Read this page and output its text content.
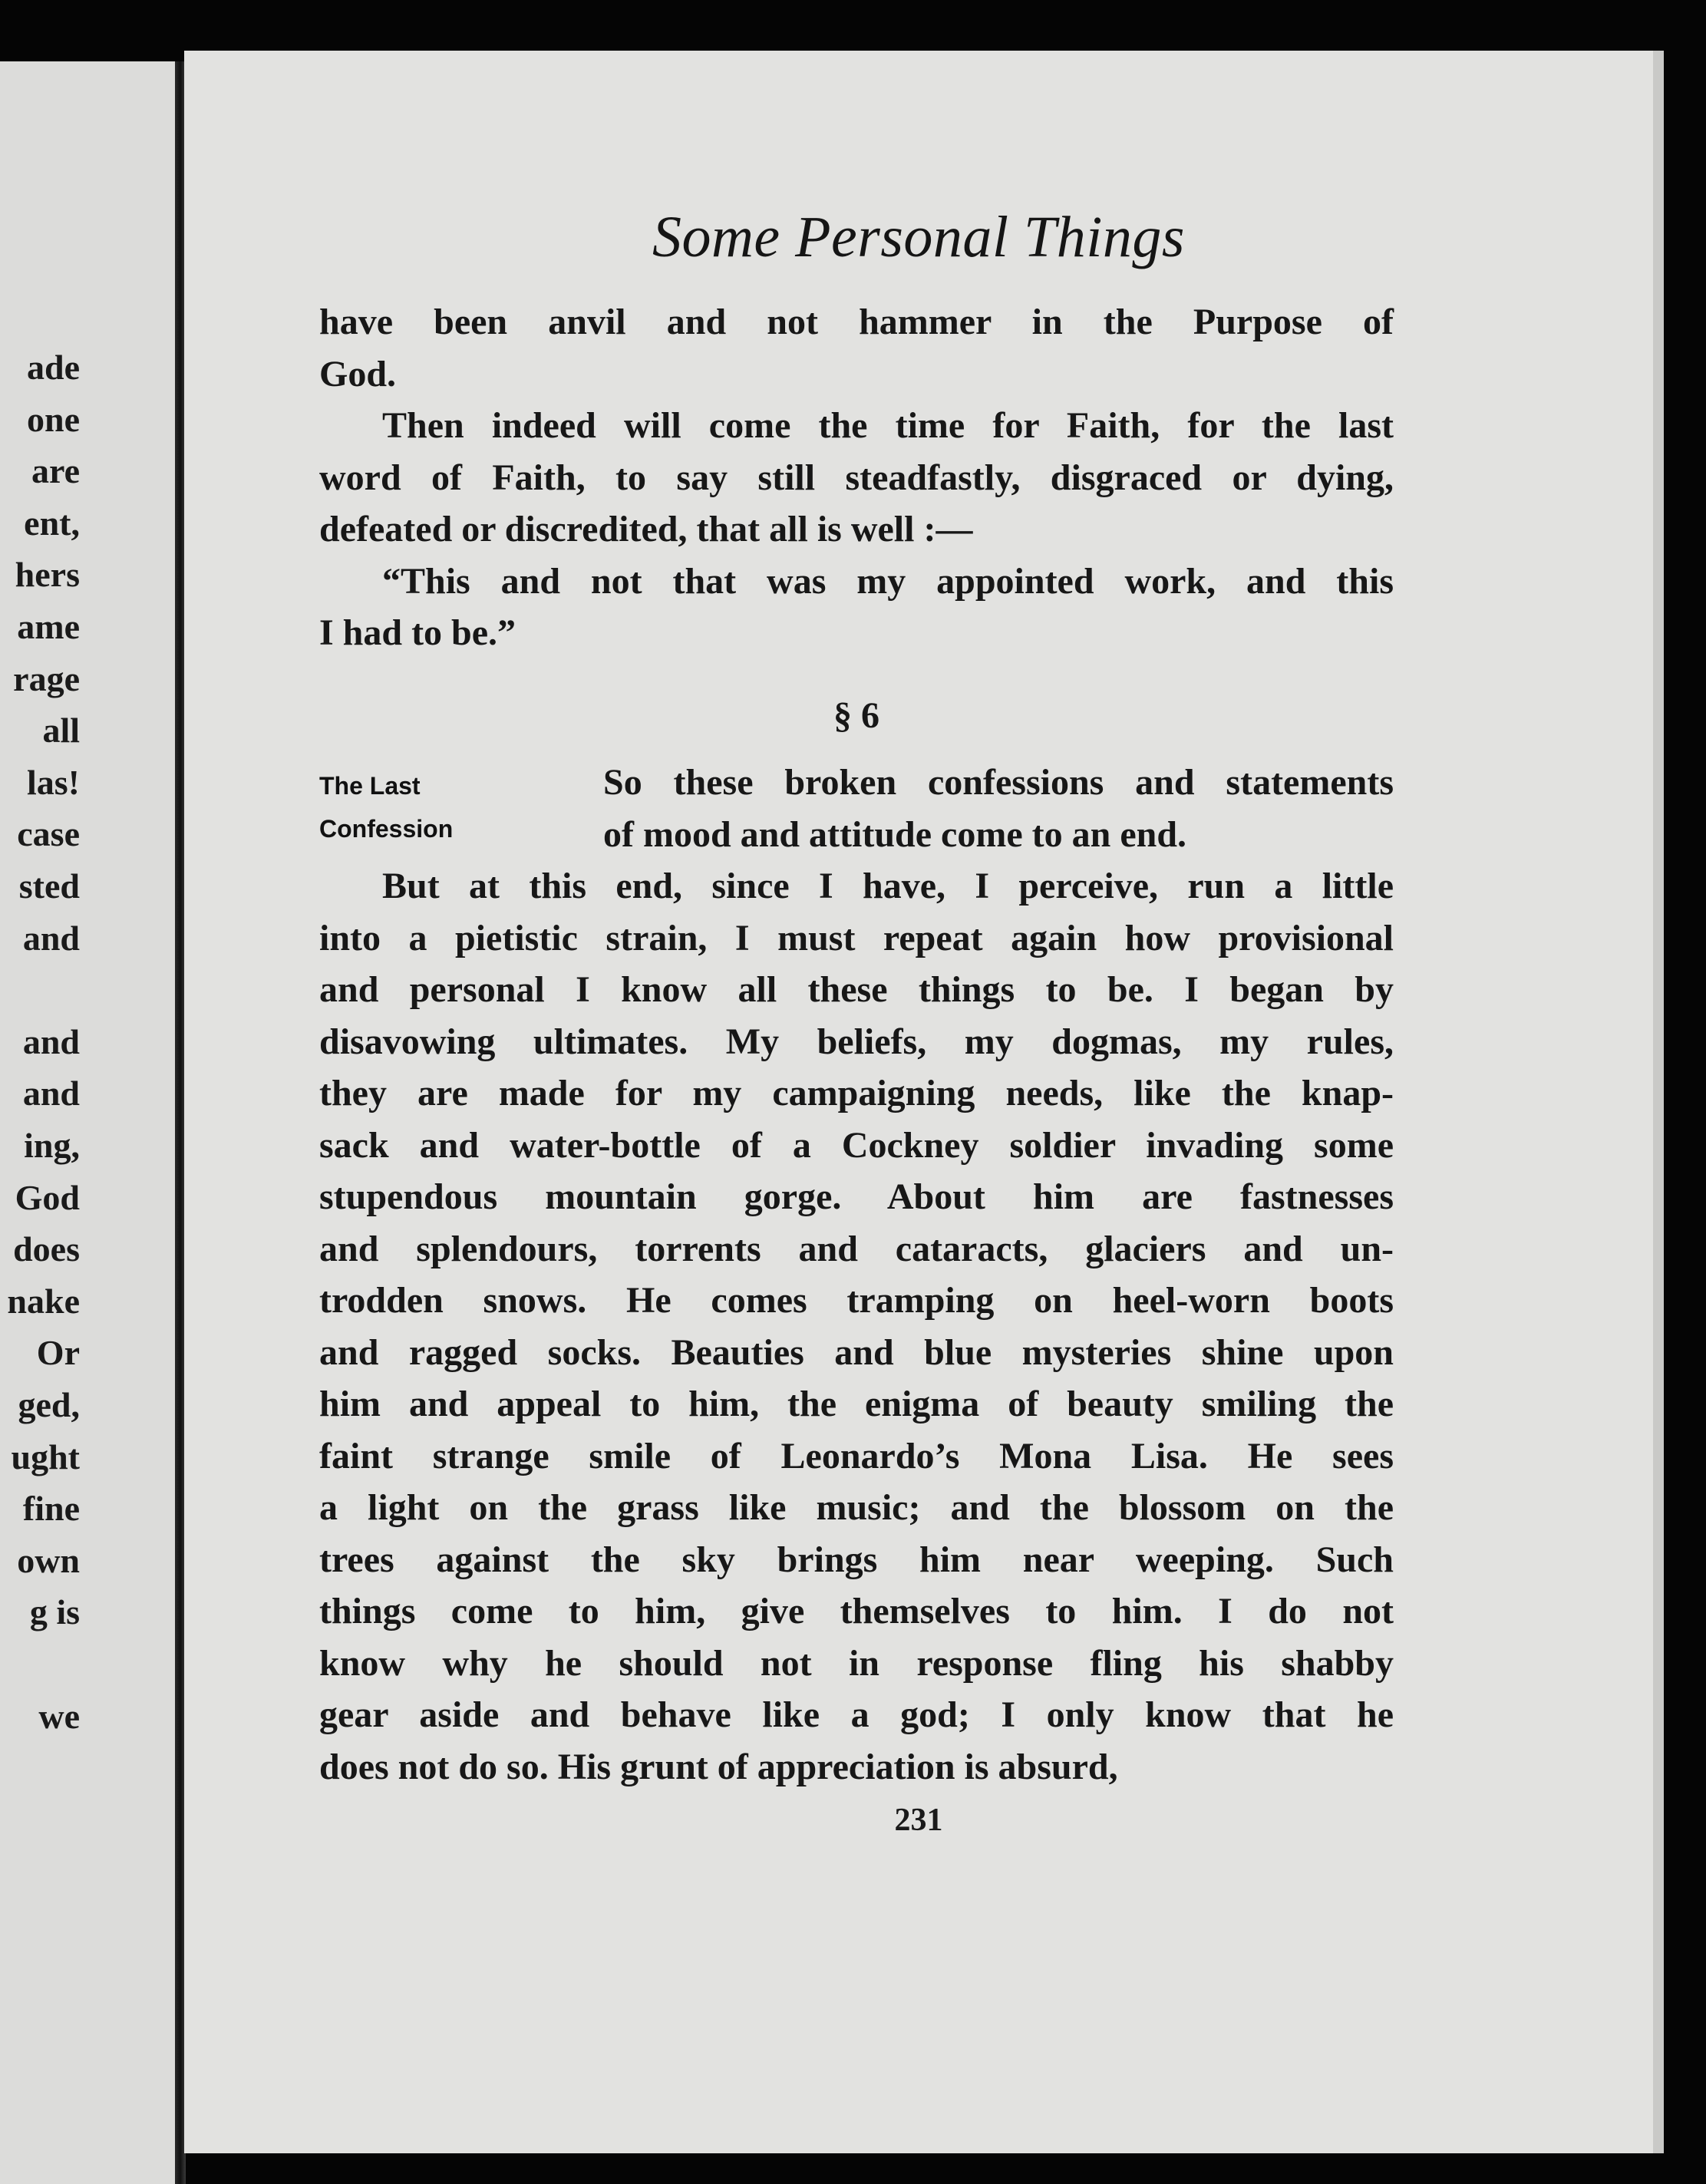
ade
one
are
ent,
hers
ame
rage
all
las!
case
sted
and
and
and
ing,
God
does
nake
Or
ged,
ught
fine
own
g is
we
Some Personal Things
have been anvil and not hammer in the Purpose of
God.
Then indeed will come the time for Faith, for the last
word of Faith, to say still steadfastly, disgraced or dying,
defeated or discredited, that all is well :—
“This and not that was my appointed work, and this
I had to be.”
§ 6
The Last
Confession
So these broken confessions and statements
of mood and attitude come to an end.
But at this end, since I have, I perceive, run a little
into a pietistic strain, I must repeat again how provisional
and personal I know all these things to be. I began by
disavowing ultimates. My beliefs, my dogmas, my rules,
they are made for my campaigning needs, like the knap-
sack and water-bottle of a Cockney soldier invading some
stupendous mountain gorge. About him are fastnesses
and splendours, torrents and cataracts, glaciers and un-
trodden snows. He comes tramping on heel-worn boots
and ragged socks. Beauties and blue mysteries shine upon
him and appeal to him, the enigma of beauty smiling the
faint strange smile of Leonardo’s Mona Lisa. He sees
a light on the grass like music; and the blossom on the
trees against the sky brings him near weeping. Such
things come to him, give themselves to him. I do not
know why he should not in response fling his shabby
gear aside and behave like a god; I only know that he
does not do so. His grunt of appreciation is absurd,
231
